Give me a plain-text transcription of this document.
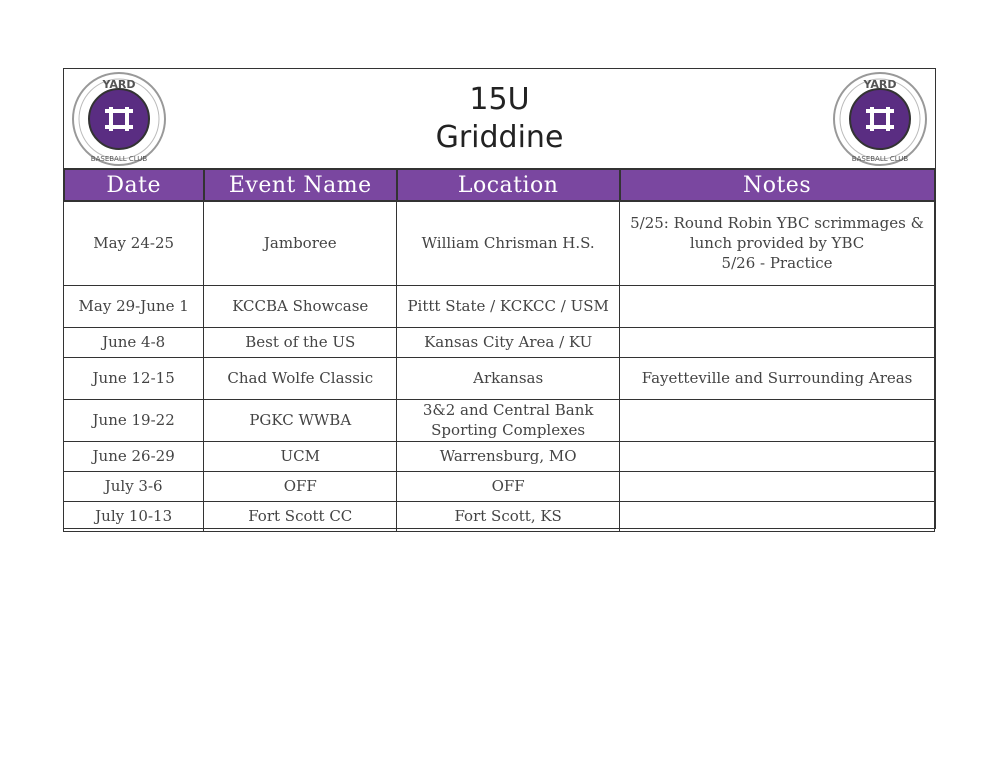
YARD
BASEBALL CLUB
15U
Griddine
YARD
BASEBALL CLUB
Date	Event Name	Location	Notes
May 24-25	Jamboree	William Chrisman H.S.	5/25: Round Robin YBC scrimmages & lunch provided by YBC
5/26 - Practice

May 29-June 1	KCCBA Showcase	Pittt State / KCKCC / USM	
June 4-8	Best of the US	Kansas City Area / KU	
June 12-15	Chad Wolfe Classic	Arkansas	Fayetteville and Surrounding Areas

June 19-22	PGKC WWBA	3&2 and Central Bank Sporting Complexes	
June 26-29	UCM	Warrensburg, MO	
July 3-6	OFF	OFF	
July 10-13	Fort Scott CC	Fort Scott, KS	
